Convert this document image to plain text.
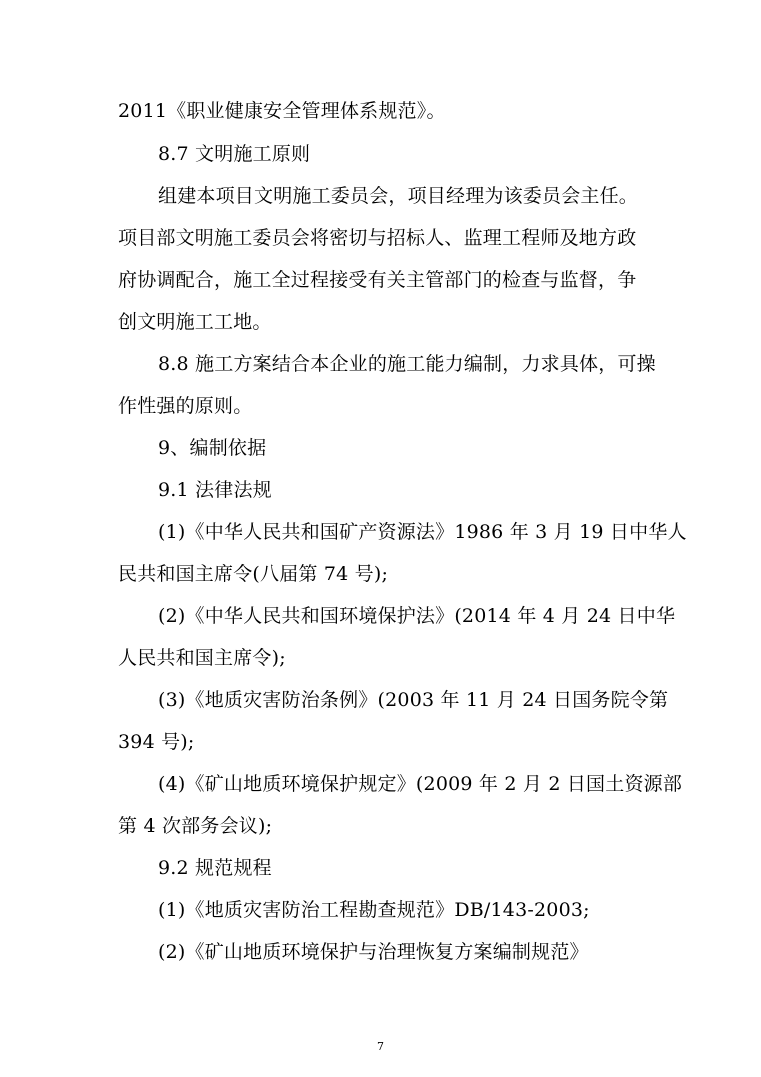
2011《职业健康安全管理体系规范》。
8.7 文明施工原则
组建本项目文明施工委员会，项目经理为该委员会主任。
项目部文明施工委员会将密切与招标人、监理工程师及地方政
府协调配合，施工全过程接受有关主管部门的检查与监督，争
创文明施工工地。
8.8 施工方案结合本企业的施工能力编制，力求具体，可操
作性强的原则。
9、编制依据
9.1 法律法规
(1)《中华人民共和国矿产资源法》1986 年 3 月 19 日中华人
民共和国主席令(八届第 74 号);
(2)《中华人民共和国环境保护法》(2014 年 4 月 24 日中华
人民共和国主席令);
(3)《地质灾害防治条例》(2003 年 11 月 24 日国务院令第
394 号);
(4)《矿山地质环境保护规定》(2009 年 2 月 2 日国土资源部
第 4 次部务会议);
9.2 规范规程
(1)《地质灾害防治工程勘查规范》DB/143-2003;
(2)《矿山地质环境保护与治理恢复方案编制规范》
7
